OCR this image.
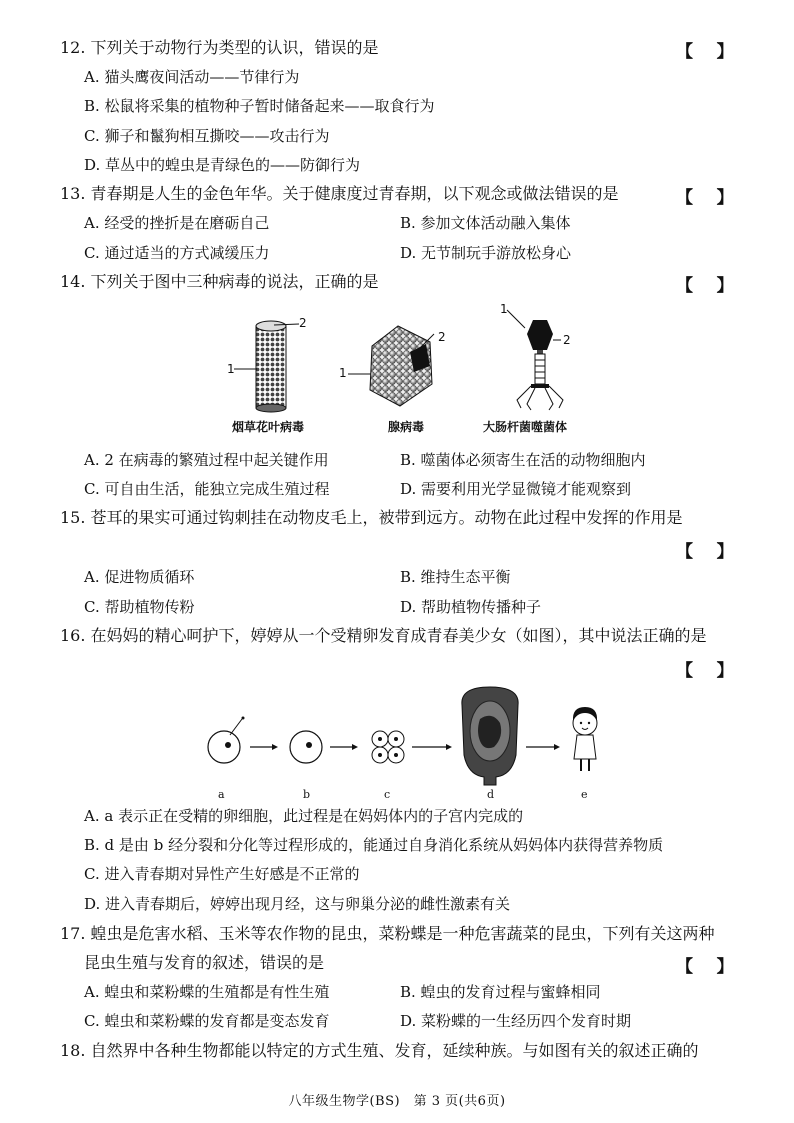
12. 下列关于动物行为类型的认识，错误的是	【    】
A. 猫头鹰夜间活动——节律行为
B. 松鼠将采集的植物种子暂时储备起来——取食行为
C. 狮子和鬣狗相互撕咬——攻击行为
D. 草丛中的蝗虫是青绿色的——防御行为
13. 青春期是人生的金色年华。关于健康度过青春期，以下观念或做法错误的是	【    】
A. 经受的挫折是在磨砺自己	B. 参加文体活动融入集体
C. 通过适当的方式减缓压力	D. 无节制玩手游放松身心
14. 下列关于图中三种病毒的说法，正确的是	【    】
2
1
烟草花叶病毒
2
1
腺病毒
1
2
大肠杆菌噬菌体
A. 2 在病毒的繁殖过程中起关键作用	B. 噬菌体必须寄生在活的动物细胞内
C. 可自由生活，能独立完成生殖过程	D. 需要利用光学显微镜才能观察到
15. 苍耳的果实可通过钩刺挂在动物皮毛上，被带到远方。动物在此过程中发挥的作用是
【    】
A. 促进物质循环	B. 维持生态平衡
C. 帮助植物传粉	D. 帮助植物传播种子
16. 在妈妈的精心呵护下，婷婷从一个受精卵发育成青春美少女（如图），其中说法正确的是
【    】
a	b	c	d	e
A. a 表示正在受精的卵细胞，此过程是在妈妈体内的子宫内完成的
B. d 是由 b 经分裂和分化等过程形成的，能通过自身消化系统从妈妈体内获得营养物质
C. 进入青春期对异性产生好感是不正常的
D. 进入青春期后，婷婷出现月经，这与卵巢分泌的雌性激素有关
17. 蝗虫是危害水稻、玉米等农作物的昆虫，菜粉蝶是一种危害蔬菜的昆虫，下列有关这两种
昆虫生殖与发育的叙述，错误的是	【    】
A. 蝗虫和菜粉蝶的生殖都是有性生殖	B. 蝗虫的发育过程与蜜蜂相同
C. 蝗虫和菜粉蝶的发育都是变态发育	D. 菜粉蝶的一生经历四个发育时期
18. 自然界中各种生物都能以特定的方式生殖、发育，延续种族。与如图有关的叙述正确的
八年级生物学(BS)　第 3 页(共6页)
